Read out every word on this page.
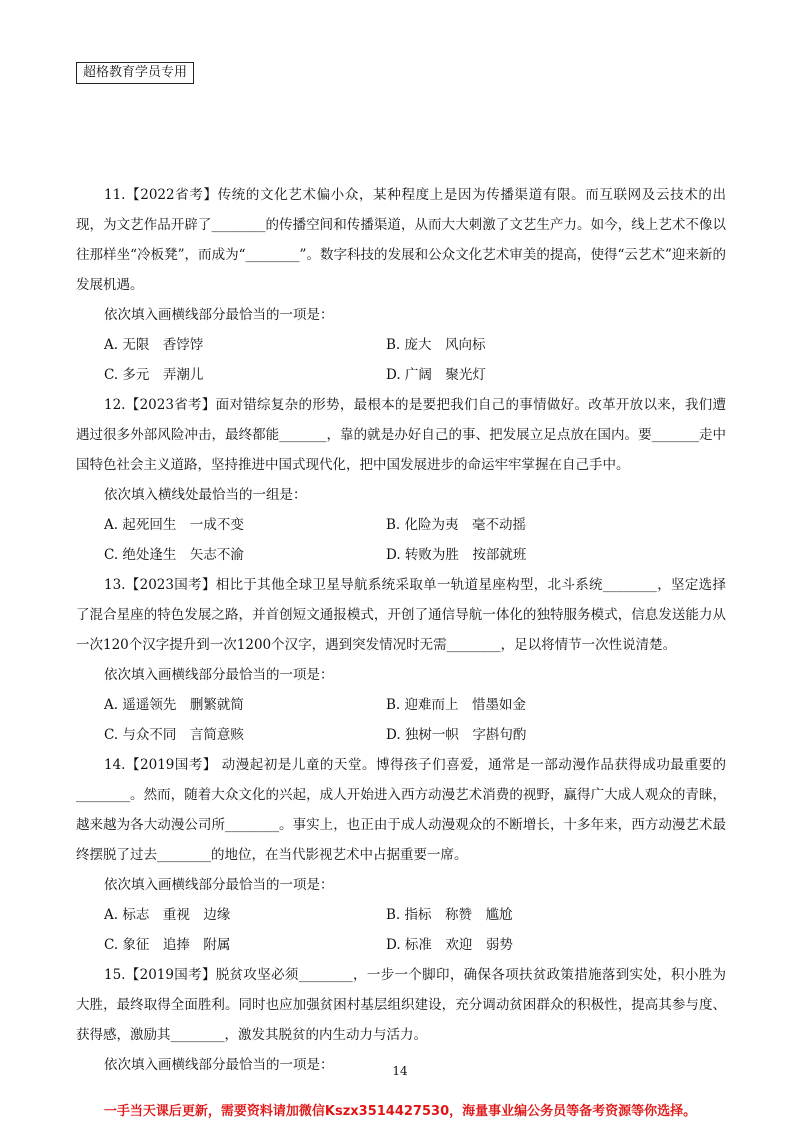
超格教育学员专用

11.【2022省考】传统的文化艺术偏小众，某种程度上是因为传播渠道有限。而互联网及云技术的出现，为文艺作品开辟了________的传播空间和传播渠道，从而大大刺激了文艺生产力。如今，线上艺术不像以往那样坐“冷板凳”，而成为“________”。数字科技的发展和公众文化艺术审美的提高，使得“云艺术”迎来新的发展机遇。

依次填入画横线部分最恰当的一项是：

A. 无限　香饽饽	B. 庞大　风向标
C. 多元　弄潮儿	D. 广阔　聚光灯

12.【2023省考】面对错综复杂的形势，最根本的是要把我们自己的事情做好。改革开放以来，我们遭遇过很多外部风险冲击，最终都能_______，靠的就是办好自己的事、把发展立足点放在国内。要_______走中国特色社会主义道路，坚持推进中国式现代化，把中国发展进步的命运牢牢掌握在自己手中。

依次填入横线处最恰当的一组是：

A. 起死回生　一成不变	B. 化险为夷　毫不动摇
C. 绝处逢生　矢志不渝	D. 转败为胜　按部就班

13.【2023国考】相比于其他全球卫星导航系统采取单一轨道星座构型，北斗系统________，坚定选择了混合星座的特色发展之路，并首创短文通报模式，开创了通信导航一体化的独特服务模式，信息发送能力从一次120个汉字提升到一次1200个汉字，遇到突发情况时无需________，足以将情节一次性说清楚。

依次填入画横线部分最恰当的一项是：

A. 遥遥领先　删繁就简	B. 迎难而上　惜墨如金
C. 与众不同　言简意赅	D. 独树一帜　字斟句酌

14.【2019国考】 动漫起初是儿童的天堂。博得孩子们喜爱，通常是一部动漫作品获得成功最重要的________。然而，随着大众文化的兴起，成人开始进入西方动漫艺术消费的视野，赢得广大成人观众的青睐，越来越为各大动漫公司所________。事实上，也正由于成人动漫观众的不断增长，十多年来，西方动漫艺术最终摆脱了过去________的地位，在当代影视艺术中占据重要一席。

依次填入画横线部分最恰当的一项是：

A. 标志　重视　边缘	B. 指标　称赞　尴尬
C. 象征　追捧　附属	D. 标准　欢迎　弱势

15.【2019国考】脱贫攻坚必须________，一步一个脚印，确保各项扶贫政策措施落到实处，积小胜为大胜，最终取得全面胜利。同时也应加强贫困村基层组织建设，充分调动贫困群众的积极性，提高其参与度、获得感，激励其________，激发其脱贫的内生动力与活力。

依次填入画横线部分最恰当的一项是：	14
一手当天课后更新，需要资料请加微信Kszx3514427530，海量事业编公务员等备考资源等你选择。
